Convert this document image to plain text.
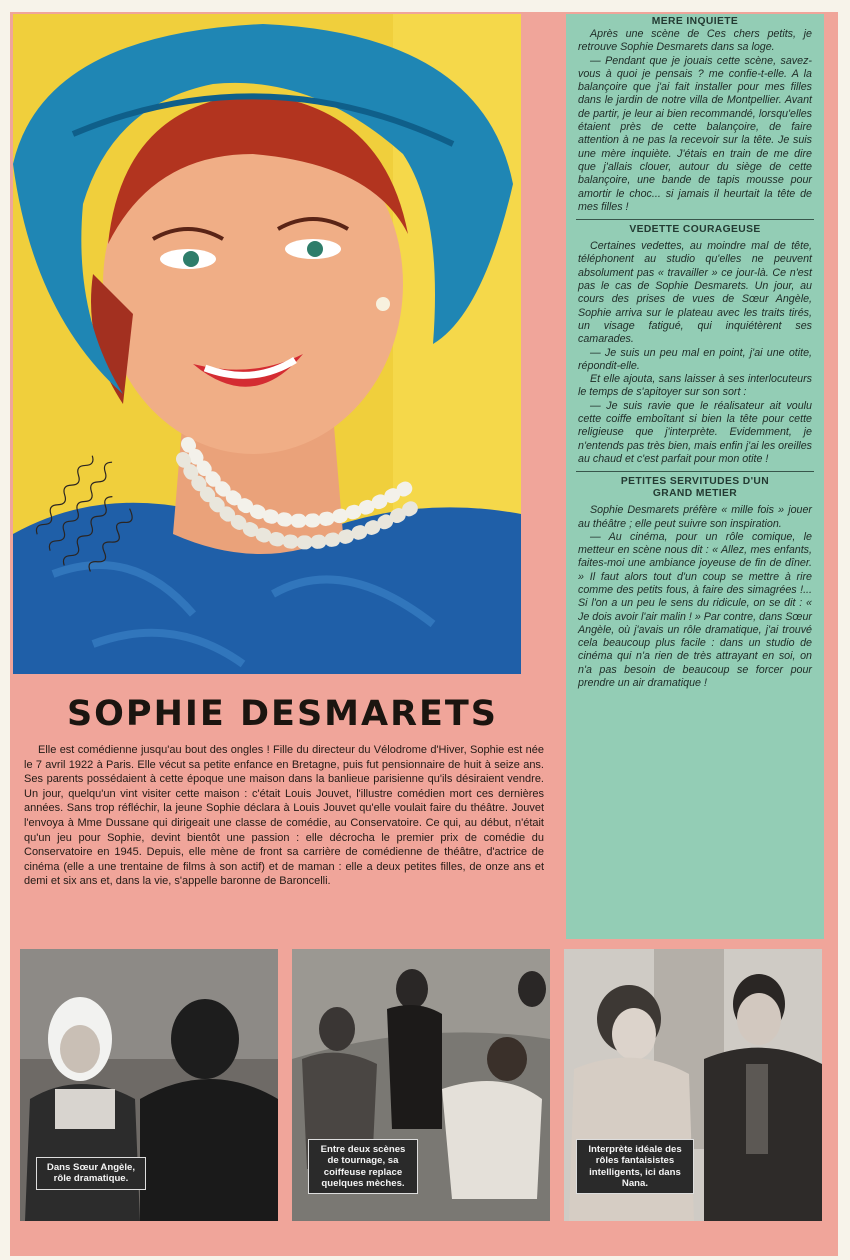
SOPHIE DESMARETS

Elle est comédienne jusqu'au bout des ongles ! Fille du directeur du Vélodrome d'Hiver, Sophie est née le 7 avril 1922 à Paris. Elle vécut sa petite enfance en Bretagne, puis fut pensionnaire de huit à seize ans. Ses parents possédaient à cette époque une maison dans la banlieue parisienne qu'ils désiraient vendre. Un jour, quelqu'un vint visiter cette maison : c'était Louis Jouvet, l'illustre comédien mort ces dernières années. Sans trop réfléchir, la jeune Sophie déclara à Louis Jouvet qu'elle voulait faire du théâtre. Jouvet l'envoya à Mme Dussane qui dirigeait une classe de comédie, au Conservatoire. Ce qui, au début, n'était qu'un jeu pour Sophie, devint bientôt une passion : elle décrocha le premier prix de comédie du Conservatoire en 1945. Depuis, elle mène de front sa carrière de comédienne de théâtre, d'actrice de cinéma (elle a une trentaine de films à son actif) et de maman : elle a deux petites filles, de onze ans et demi et six ans et, dans la vie, s'appelle baronne de Baroncelli.

MERE INQUIETE

Après une scène de Ces chers petits, je retrouve Sophie Desmarets dans sa loge.

— Pendant que je jouais cette scène, savez-vous à quoi je pensais ? me confie-t-elle. A la balançoire que j'ai fait installer pour mes filles dans le jardin de notre villa de Montpellier. Avant de partir, je leur ai bien recommandé, lorsqu'elles étaient près de cette balançoire, de faire attention à ne pas la recevoir sur la tête. Je suis une mère inquiète. J'étais en train de me dire que j'allais clouer, autour du siège de cette balançoire, une bande de tapis mousse pour amortir le choc... si jamais il heurtait la tête de mes filles !

VEDETTE COURAGEUSE

Certaines vedettes, au moindre mal de tête, téléphonent au studio qu'elles ne peuvent absolument pas « travailler » ce jour-là. Ce n'est pas le cas de Sophie Desmarets. Un jour, au cours des prises de vues de Sœur Angèle, Sophie arriva sur le plateau avec les traits tirés, un visage fatigué, qui inquiétèrent ses camarades.

— Je suis un peu mal en point, j'ai une otite, répondit-elle.

Et elle ajouta, sans laisser à ses interlocuteurs le temps de s'apitoyer sur son sort :

— Je suis ravie que le réalisateur ait voulu cette coiffe emboîtant si bien la tête pour cette religieuse que j'interprète. Evidemment, je n'entends pas très bien, mais enfin j'ai les oreilles au chaud et c'est parfait pour mon otite !

PETITES SERVITUDES D'UN GRAND METIER

Sophie Desmarets préfère « mille fois » jouer au théâtre ; elle peut suivre son inspiration.

— Au cinéma, pour un rôle comique, le metteur en scène nous dit : « Allez, mes enfants, faites-moi une ambiance joyeuse de fin de dîner. » Il faut alors tout d'un coup se mettre à rire comme des petits fous, à faire des simagrées !... Si l'on a un peu le sens du ridicule, on se dit : « Je dois avoir l'air malin ! » Par contre, dans Sœur Angèle, où j'avais un rôle dramatique, j'ai trouvé cela beaucoup plus facile : dans un studio de cinéma qui n'a rien de très attrayant en soi, on n'a pas besoin de beaucoup se forcer pour prendre un air dramatique !

Dans Sœur Angèle, rôle dramatique.
Entre deux scènes de tournage, sa coiffeuse replace quelques mèches.
Interprète idéale des rôles fantaisistes intelligents, ici dans Nana.
